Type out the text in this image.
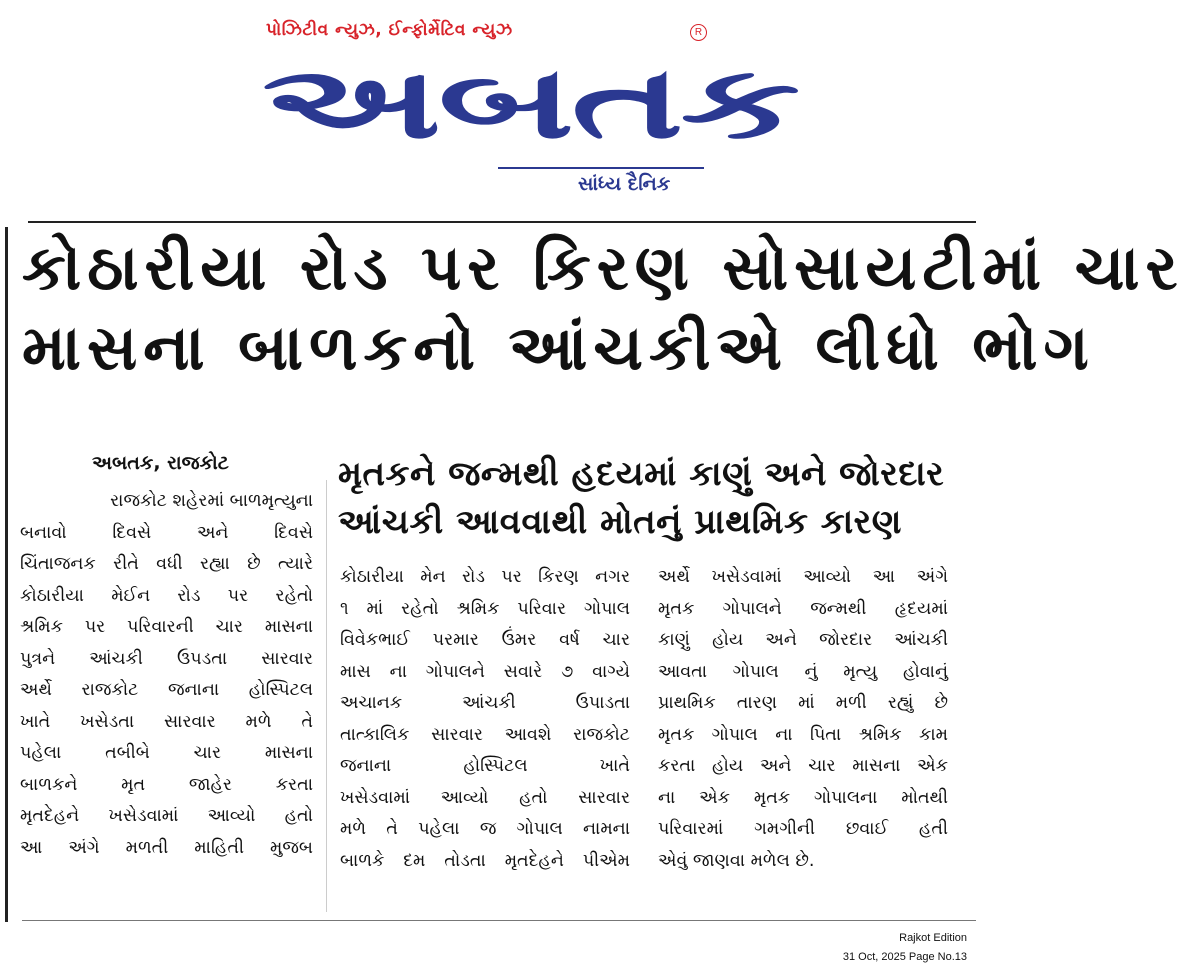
પોઝિટીવ ન્યુઝ, ઈન્ફોર્મેટિવ ન્યુઝ	R
અબતક
સાંધ્ય દૈનિક
કોઠારીયા રોડ પર કિરણ સોસાયટીમાં ચાર
માસના બાળકનો આંચકીએ લીધો ભોગ
અબતક, રાજકોટ	મૃતકને જન્મથી હદયમાં કાણું અને જોરદાર
આંચકી આવવાથી મોતનું પ્રાથમિક કારણ
રાજકોટ શહેરમાં બાળમૃત્યુના
બનાવો દિવસે અને દિવસે
ચિંતાજનક રીતે વધી રહ્યા છે ત્યારે
કોઠારીયા મેઈન રોડ પર રહેતો
શ્રમિક પર પરિવારની ચાર માસના
પુત્રને આંચકી ઉપડતા સારવાર
અર્થે રાજકોટ જનાના હોસ્પિટલ
ખાતે ખસેડતા સારવાર મળે તે
પહેલા તબીબે ચાર માસના
બાળકને મૃત જાહેર કરતા
મૃતદેહને ખસેડવામાં આવ્યો હતો
આ અંગે મળતી માહિતી મુજબ
કોઠારીયા મેન રોડ પર કિરણ નગર
૧ માં રહેતો શ્રમિક પરિવાર ગોપાલ
વિવેકભાઈ પરમાર ઉંમર વર્ષ ચાર
માસ ના ગોપાલને સવારે ૭ વાગ્યે
અચાનક આંચકી ઉપાડતા
તાત્કાલિક સારવાર આવશે રાજકોટ
જનાના હોસ્પિટલ ખાતે
ખસેડવામાં આવ્યો હતો સારવાર
મળે તે પહેલા જ ગોપાલ નામના
બાળકે દમ તોડતા મૃતદેહને પીએમ
અર્થે ખસેડવામાં આવ્યો આ અંગે
મૃતક ગોપાલને જન્મથી હૃદયમાં
કાણું હોય અને જોરદાર આંચકી
આવતા ગોપાલ નું મૃત્યુ હોવાનું
પ્રાથમિક તારણ માં મળી રહ્યું છે
મૃતક ગોપાલ ના પિતા શ્રમિક કામ
કરતા હોય અને ચાર માસના એક
ના એક મૃતક ગોપાલના મોતથી
પરિવારમાં ગમગીની છવાઈ હતી
એવું જાણવા મળેલ છે.
Rajkot Edition
31 Oct, 2025 Page No.13
